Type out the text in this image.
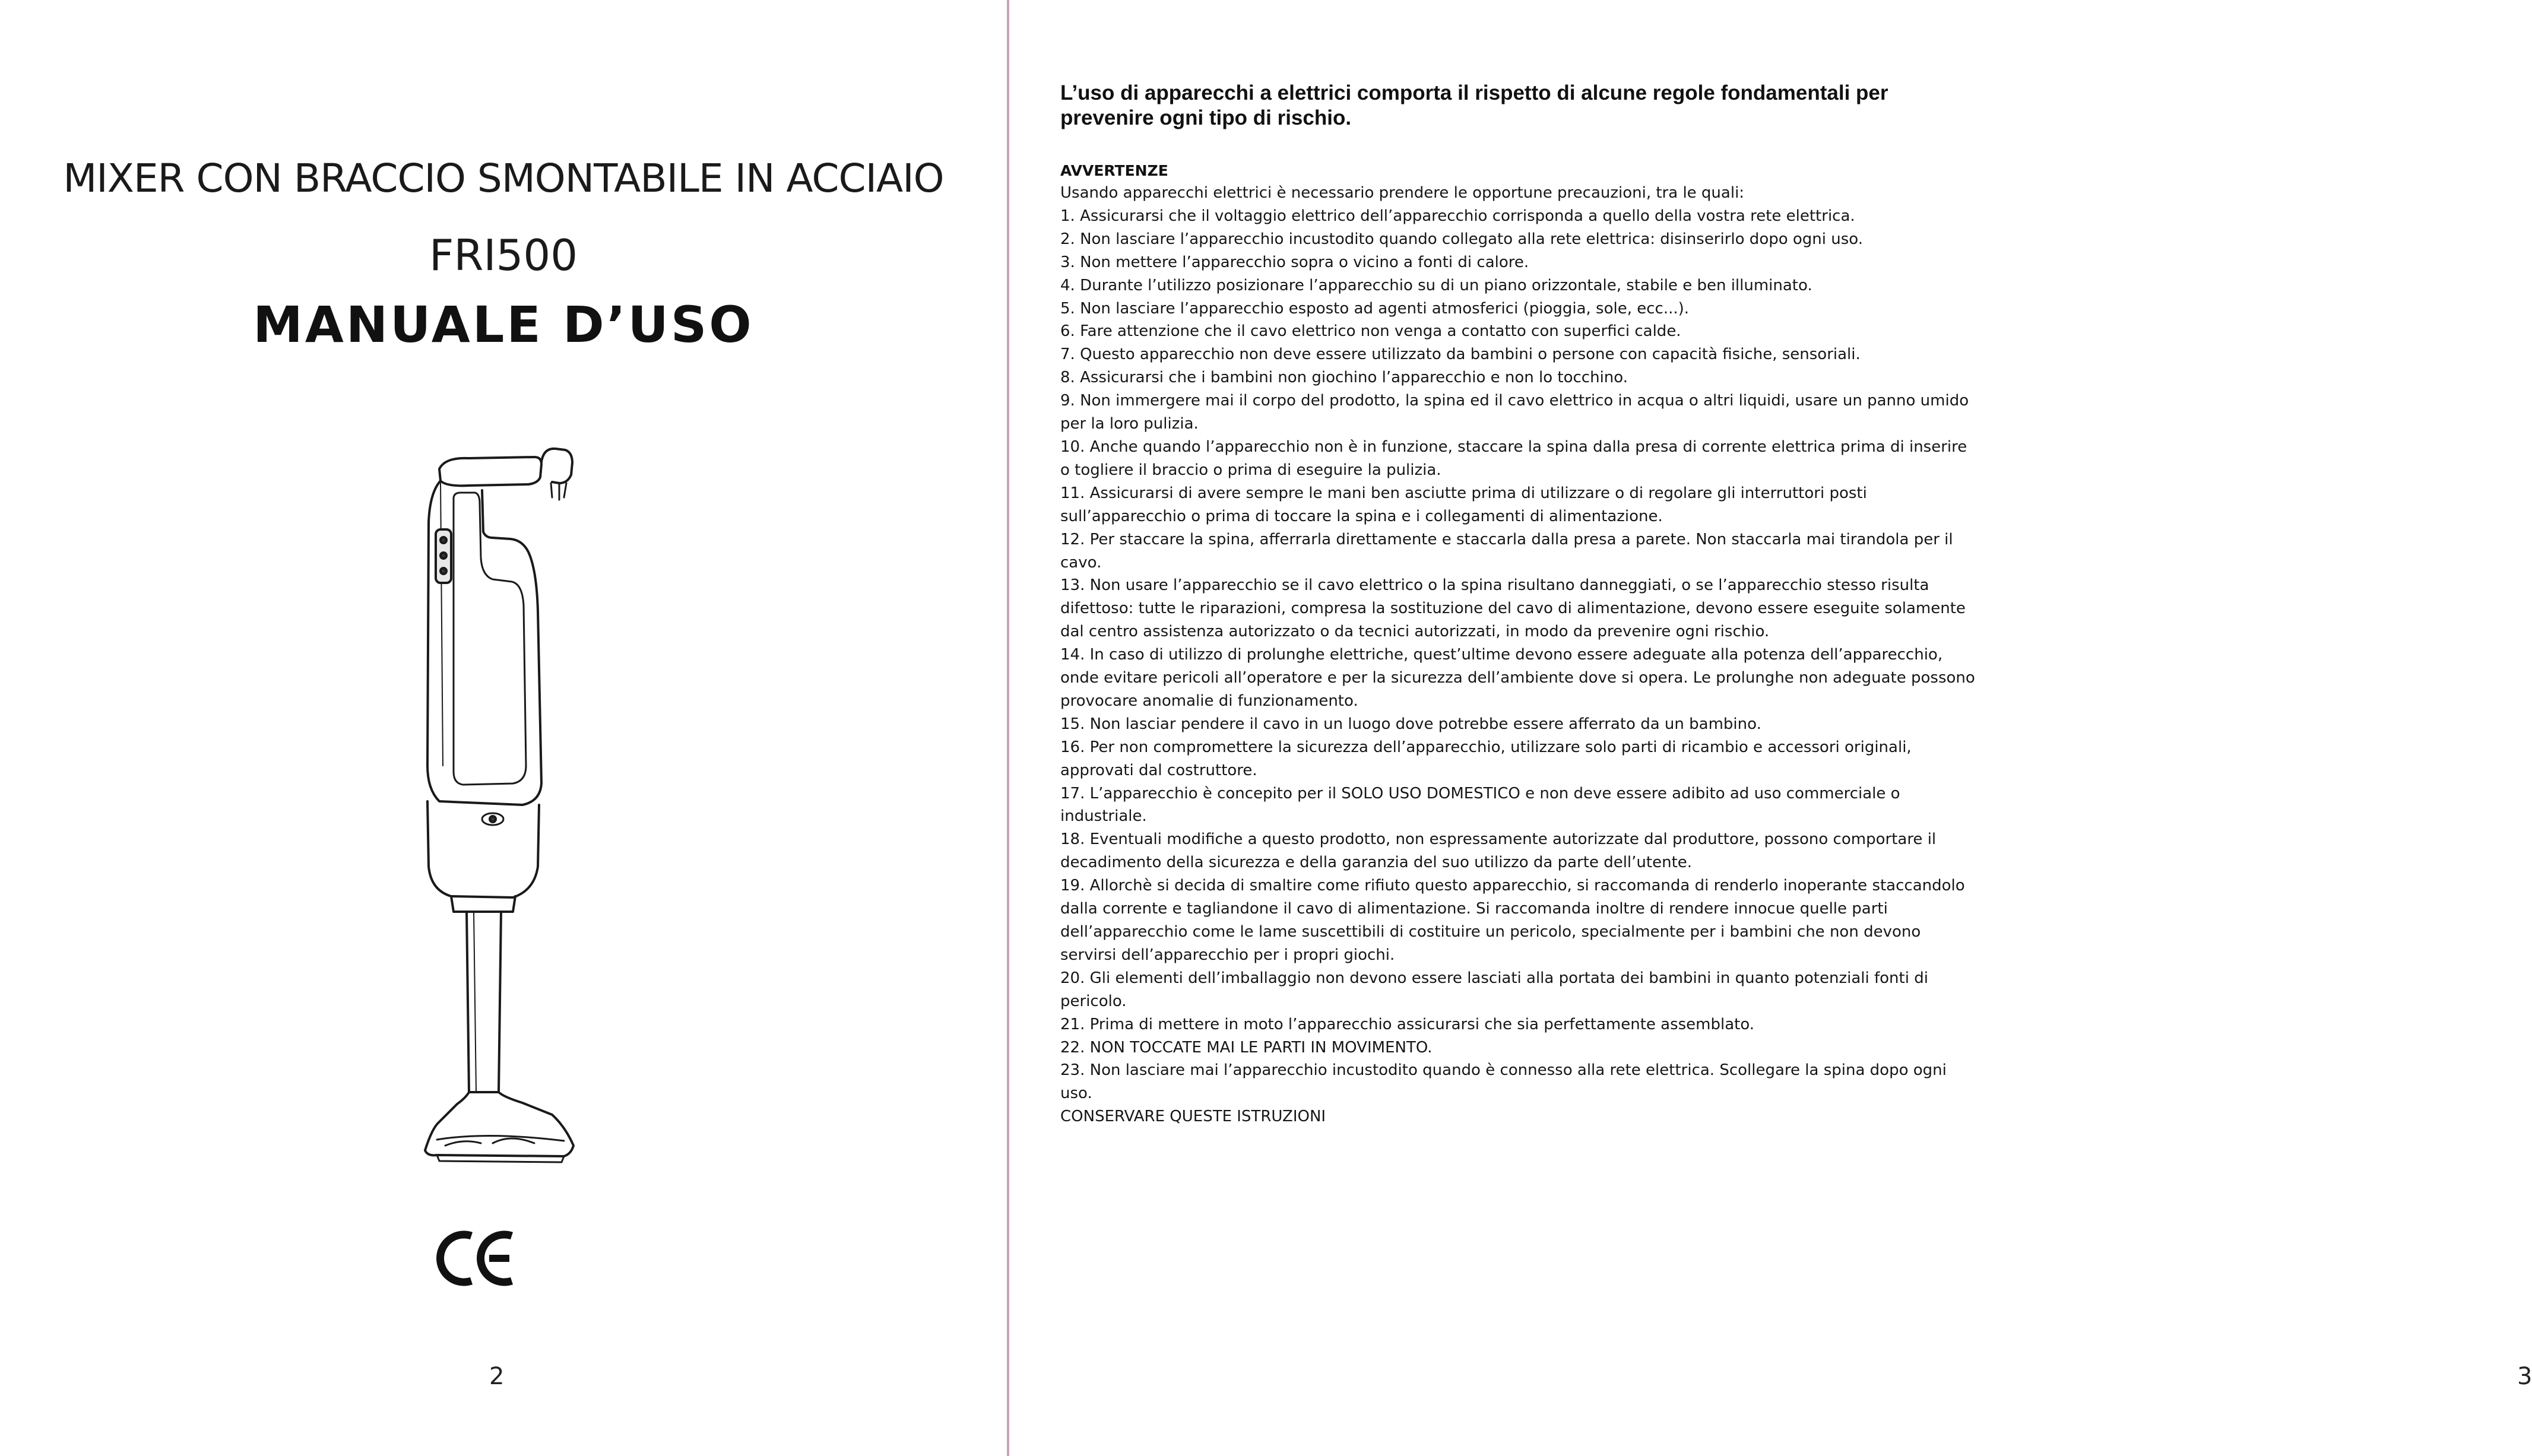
MIXER CON BRACCIO SMONTABILE IN ACCIAIO
FRI500
MANUALE D’USO

2	3

L’uso di apparecchi a elettrici comporta il rispetto di alcune regole fondamentali per prevenire ogni tipo di rischio.

AVVERTENZE

Usando apparecchi elettrici è necessario prendere le opportune precauzioni, tra le quali:

1. Assicurarsi che il voltaggio elettrico dell’apparecchio corrisponda a quello della vostra rete elettrica.

2. Non lasciare l’apparecchio incustodito quando collegato alla rete elettrica: disinserirlo dopo ogni uso.

3. Non mettere l’apparecchio sopra o vicino a fonti di calore.

4. Durante l’utilizzo posizionare l’apparecchio su di un piano orizzontale, stabile e ben illuminato.

5. Non lasciare l’apparecchio esposto ad agenti atmosferici (pioggia, sole, ecc...).

6. Fare attenzione che il cavo elettrico non venga a contatto con superfici calde.

7. Questo apparecchio non deve essere utilizzato da bambini o persone con capacità fisiche, sensoriali.

8. Assicurarsi che i bambini non giochino l’apparecchio e non lo tocchino.

9. Non immergere mai il corpo del prodotto, la spina ed il cavo elettrico in acqua o altri liquidi, usare un panno umido per la loro pulizia.

10. Anche quando l’apparecchio non è in funzione, staccare la spina dalla presa di corrente elettrica prima di inserire o togliere il braccio o prima di eseguire la pulizia.

11. Assicurarsi di avere sempre le mani ben asciutte prima di utilizzare o di regolare gli interruttori posti sull’apparecchio o prima di toccare la spina e i collegamenti di alimentazione.

12. Per staccare la spina, afferrarla direttamente e staccarla dalla presa a parete. Non staccarla mai tirandola per il cavo.

13. Non usare l’apparecchio se il cavo elettrico o la spina risultano danneggiati, o se l’apparecchio stesso risulta difettoso: tutte le riparazioni, compresa la sostituzione del cavo di alimentazione, devono essere eseguite solamente dal centro assistenza autorizzato o da tecnici autorizzati, in modo da prevenire ogni rischio.

14. In caso di utilizzo di prolunghe elettriche, quest’ultime devono essere adeguate alla potenza dell’apparecchio, onde evitare pericoli all’operatore e per la sicurezza dell’ambiente dove si opera. Le prolunghe non adeguate possono provocare anomalie di funzionamento.

15. Non lasciar pendere il cavo in un luogo dove potrebbe essere afferrato da un bambino.

16. Per non compromettere la sicurezza dell’apparecchio, utilizzare solo parti di ricambio e accessori originali, approvati dal costruttore.

17. L’apparecchio è concepito per il SOLO USO DOMESTICO e non deve essere adibito ad uso commerciale o industriale.

18. Eventuali modifiche a questo prodotto, non espressamente autorizzate dal produttore, possono comportare il decadimento della sicurezza e della garanzia del suo utilizzo da parte dell’utente.

19. Allorchè si decida di smaltire come rifiuto questo apparecchio, si raccomanda di renderlo inoperante staccandolo dalla corrente e tagliandone il cavo di alimentazione. Si raccomanda inoltre di rendere innocue quelle parti dell’apparecchio come le lame suscettibili di costituire un pericolo, specialmente per i bambini che non devono servirsi dell’apparecchio per i propri giochi.

20. Gli elementi dell’imballaggio non devono essere lasciati alla portata dei bambini in quanto potenziali fonti di pericolo.

21. Prima di mettere in moto l’apparecchio assicurarsi che sia perfettamente assemblato.

22. NON TOCCATE MAI LE PARTI IN MOVIMENTO.

23. Non lasciare mai l’apparecchio incustodito quando è connesso alla rete elettrica. Scollegare la spina dopo ogni uso.

CONSERVARE QUESTE ISTRUZIONI
